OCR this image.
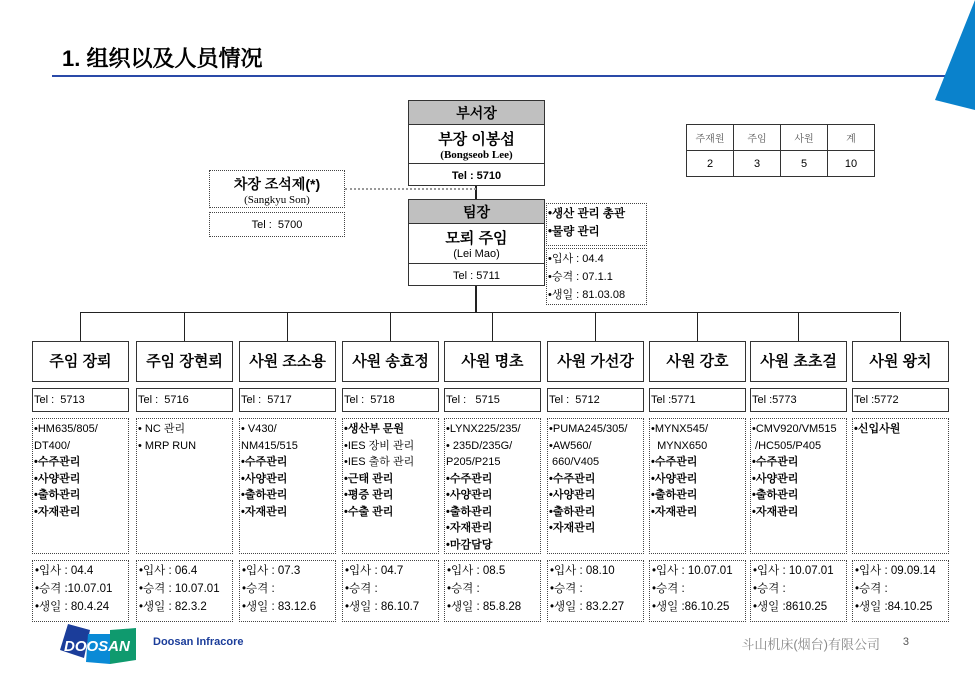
1. 组织以及人员情况
부서장
부장 이봉섭
(Bongseob Lee)
Tel : 5710
차장 조석제(*)
(Sangkyu Son)
Tel :  5700
팀장
모뢰 주임
(Lei Mao)
Tel : 5711
•생산 관리 총관
•물량 관리
•입사 : 04.4
•승격 : 07.1.1
•생일 : 81.03.08
주재원	주임	사원	계
2	3	5	10
주임 장뢰
Tel :  5713
•HM635/805/
DT400/
•수주관리
•사양관리
•출하관리
•자재관리
•입사 : 04.4
•승격 :10.07.01
•생일 : 80.4.24
주임 장현뢰
Tel :  5716
• NC 관리
• MRP RUN
•입사 : 06.4
•승격 : 10.07.01
•생일 : 82.3.2
사원 조소용
Tel :  5717
• V430/
NM415/515
•수주관리
•사양관리
•출하관리
•자재관리
•입사 : 07.3
•승격 :
•생일 : 83.12.6
사원 송효정
Tel :  5718
•생산부 문원
•IES 장비 관리
•IES 출하 관리
•근태 관리
•평증 관리
•수출 관리
•입사 : 04.7
•승격 :
•생일 : 86.10.7
사원 명초
Tel :   5715
•LYNX225/235/
• 235D/235G/
P205/P215
•수주관리
•사양관리
•출하관리
•자재관리
•마감담당
•입사 : 08.5
•승격 :
•생일 : 85.8.28
사원 가선강
Tel :  5712
•PUMA245/305/
•AW560/
660/V405
•수주관리
•사양관리
•출하관리
•자재관리
•입사 : 08.10
•승격 :
•생일 : 83.2.27
사원 강호
Tel :5771
•MYNX545/
MYNX650
•수주관리
•사양관리
•출하관리
•자재관리
•입사 : 10.07.01
•승격 :
•생일 :86.10.25
사원 초초걸
Tel :5773
•CMV920/VM515
/HC505/P405
•수주관리
•사양관리
•출하관리
•자재관리
•입사 : 10.07.01
•승격 :
•생일 :8610.25
사원 왕치
Tel :5772
•신입사원
•입사 : 09.09.14
•승격 :
•생일 :84.10.25
DOOSAN Doosan Infracore	斗山机床(烟台)有限公司 3
